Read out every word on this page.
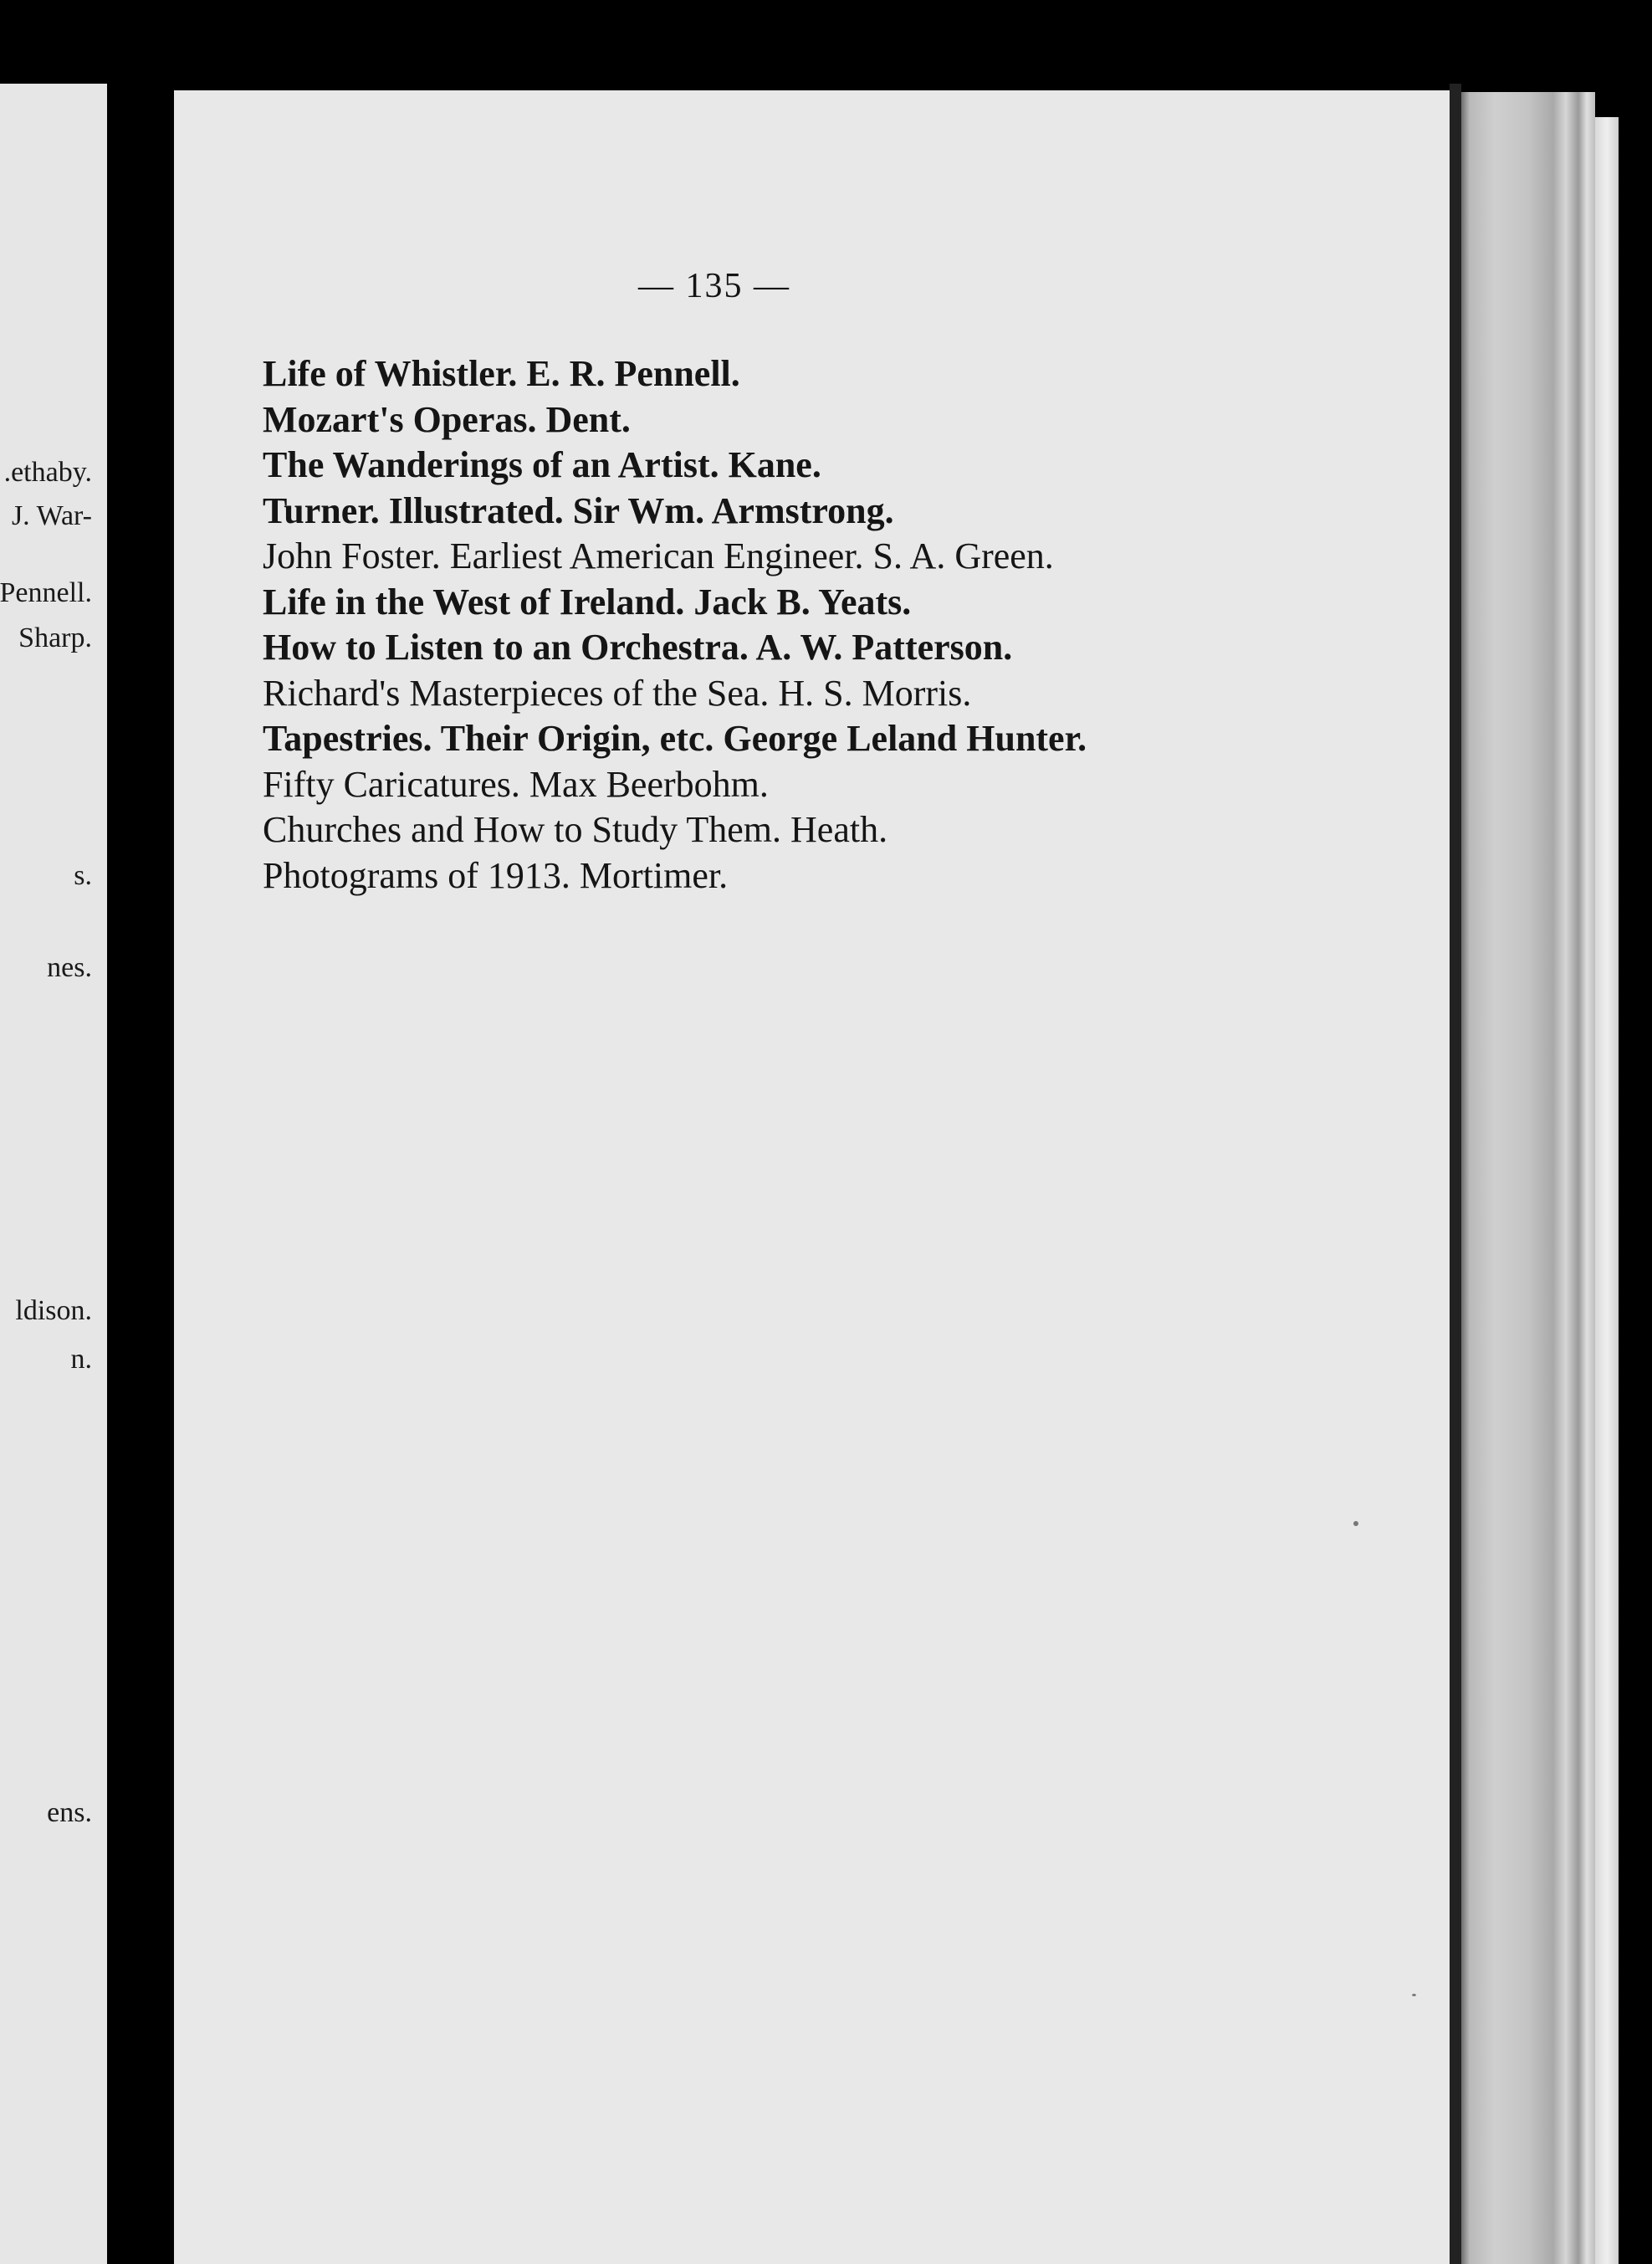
.ethaby.
J. War-
Pennell.
Sharp.
s.
nes.
ldison.
n.
ens.
— 135 —
Life of Whistler. E. R. Pennell.
Mozart's Operas. Dent.
The Wanderings of an Artist. Kane.
Turner. Illustrated. Sir Wm. Armstrong.
John Foster. Earliest American Engineer. S. A. Green.
Life in the West of Ireland. Jack B. Yeats.
How to Listen to an Orchestra. A. W. Patterson.
Richard's Masterpieces of the Sea. H. S. Morris.
Tapestries. Their Origin, etc. George Leland Hunter.
Fifty Caricatures. Max Beerbohm.
Churches and How to Study Them. Heath.
Photograms of 1913. Mortimer.
